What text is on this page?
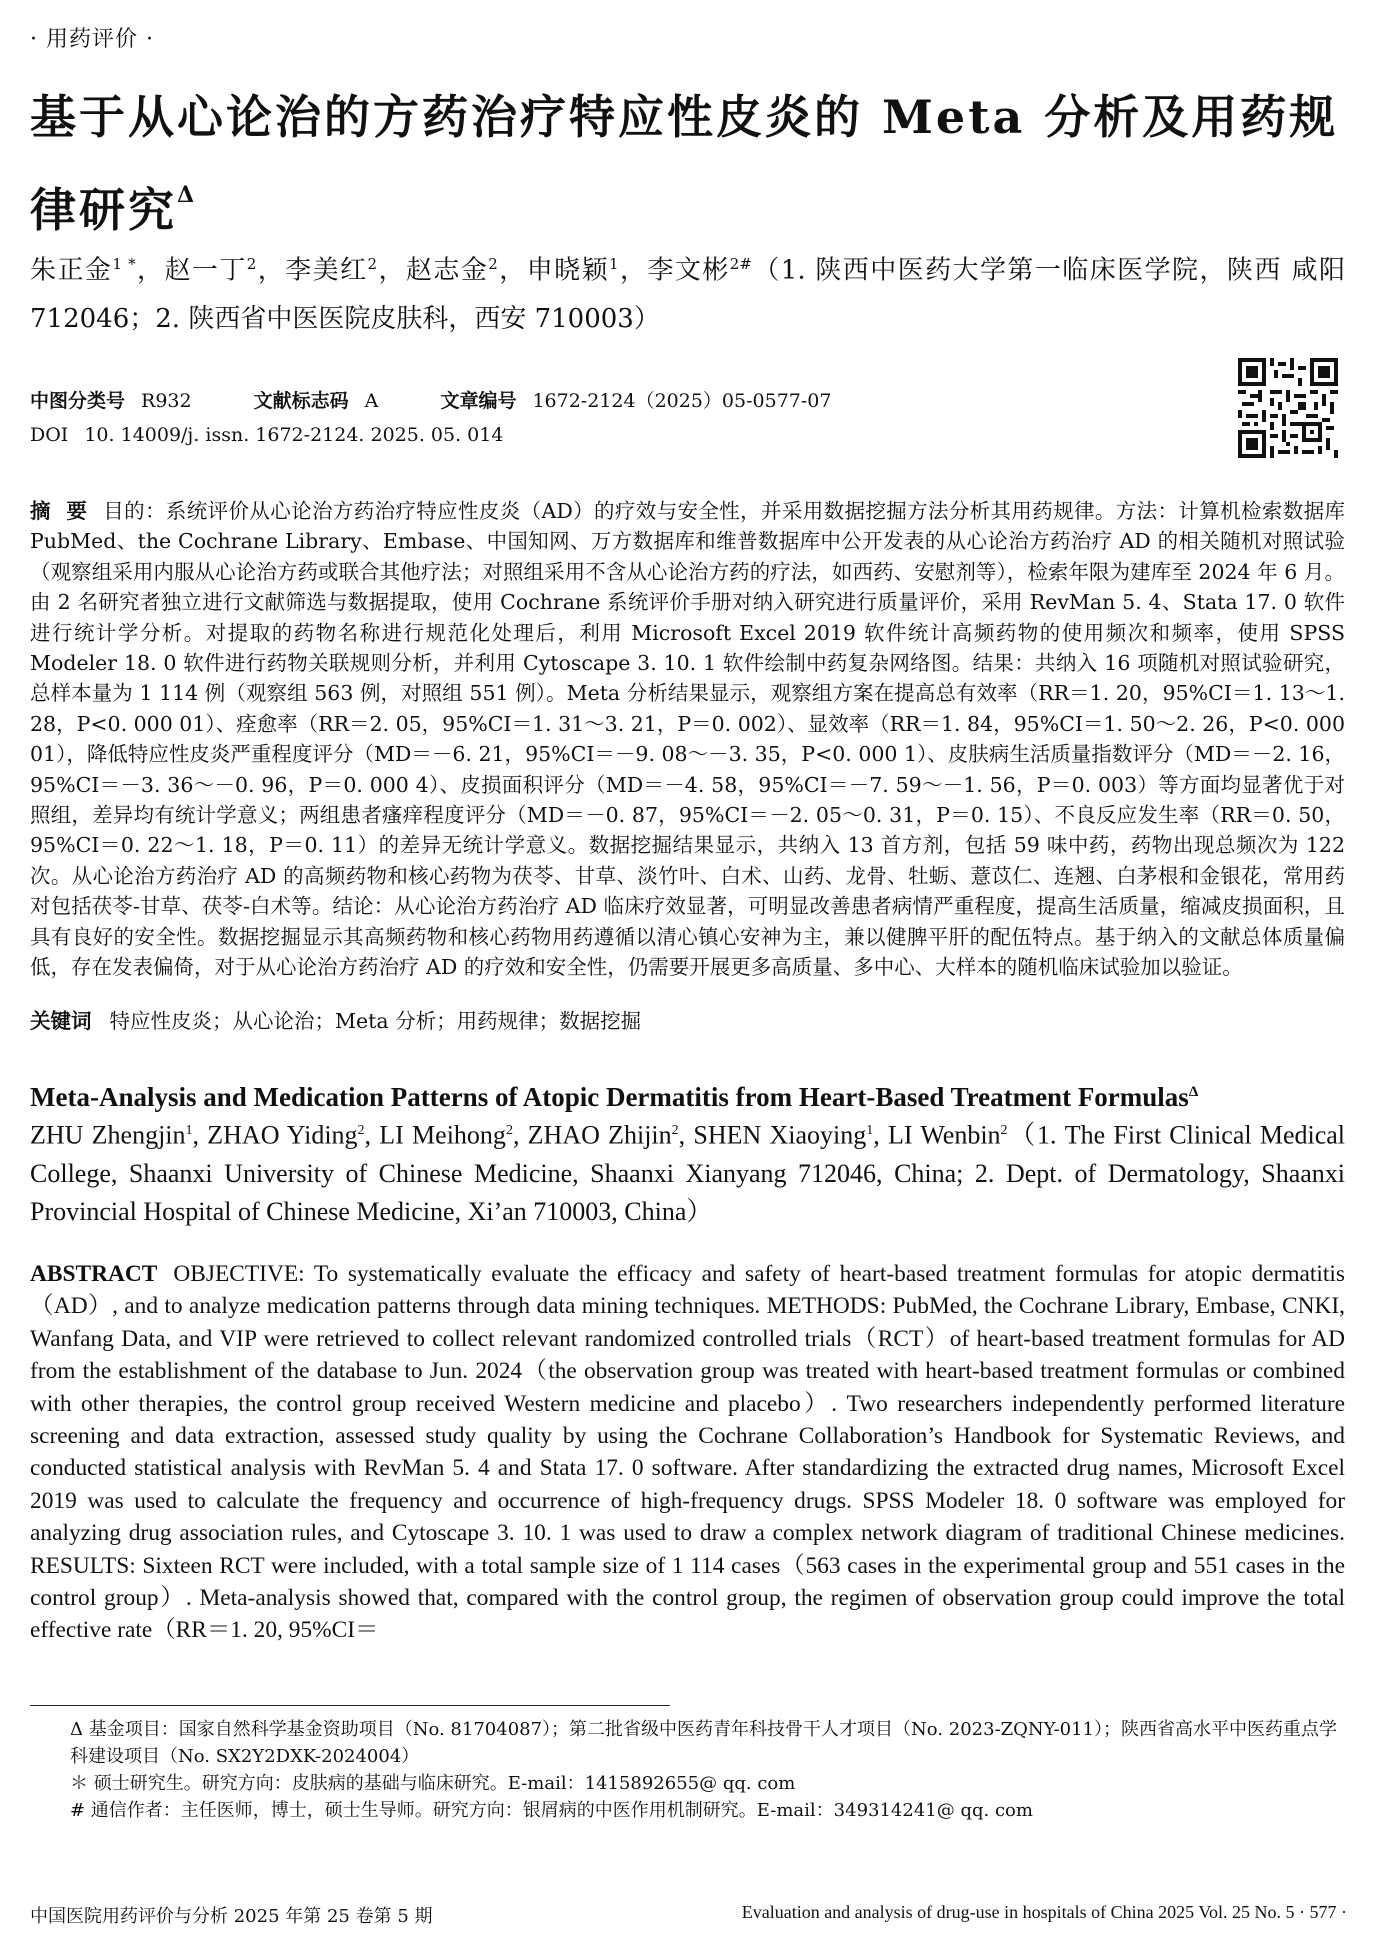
· 用药评价 ·
基于从心论治的方药治疗特应性皮炎的 Meta 分析及用药规律研究$^\Delta$

朱正金$^{1 *}$，赵一丁$^2$，李美红$^2$，赵志金$^2$，申晓颖$^1$，李文彬$^{2\#}$（1. 陕西中医药大学第一临床医学院，陕西 咸阳 712046；2. 陕西省中医医院皮肤科，西安 710003）

中图分类号 R932	文献标志码 A	文章编号 1672-2124（2025）05-0577-07
DOI 10. 14009/j. issn. 1672-2124. 2025. 05. 014

摘 要 目的：系统评价从心论治方药治疗特应性皮炎（AD）的疗效与安全性，并采用数据挖掘方法分析其用药规律。方法：计算机检索数据库 PubMed、the Cochrane Library、Embase、中国知网、万方数据库和维普数据库中公开发表的从心论治方药治疗 AD 的相关随机对照试验（观察组采用内服从心论治方药或联合其他疗法；对照组采用不含从心论治方药的疗法，如西药、安慰剂等），检索年限为建库至 2024 年 6 月。由 2 名研究者独立进行文献筛选与数据提取，使用 Cochrane 系统评价手册对纳入研究进行质量评价，采用 RevMan 5. 4、Stata 17. 0 软件进行统计学分析。对提取的药物名称进行规范化处理后，利用 Microsoft Excel 2019 软件统计高频药物的使用频次和频率，使用 SPSS Modeler 18. 0 软件进行药物关联规则分析，并利用 Cytoscape 3. 10. 1 软件绘制中药复杂网络图。结果：共纳入 16 项随机对照试验研究，总样本量为 1 114 例（观察组 563 例，对照组 551 例）。Meta 分析结果显示，观察组方案在提高总有效率（RR＝1. 20，95%CI＝1. 13～1. 28，P<0. 000 01）、痊愈率（RR＝2. 05，95%CI＝1. 31～3. 21，P＝0. 002）、显效率（RR＝1. 84，95%CI＝1. 50～2. 26，P<0. 000 01），降低特应性皮炎严重程度评分（MD＝－6. 21，95%CI＝－9. 08～－3. 35，P<0. 000 1）、皮肤病生活质量指数评分（MD＝－2. 16，95%CI＝－3. 36～－0. 96，P＝0. 000 4）、皮损面积评分（MD＝－4. 58，95%CI＝－7. 59～－1. 56，P＝0. 003）等方面均显著优于对照组，差异均有统计学意义；两组患者瘙痒程度评分（MD＝－0. 87，95%CI＝－2. 05～0. 31，P＝0. 15）、不良反应发生率（RR＝0. 50，95%CI＝0. 22～1. 18，P＝0. 11）的差异无统计学意义。数据挖掘结果显示，共纳入 13 首方剂，包括 59 味中药，药物出现总频次为 122 次。从心论治方药治疗 AD 的高频药物和核心药物为茯苓、甘草、淡竹叶、白术、山药、龙骨、牡蛎、薏苡仁、连翘、白茅根和金银花，常用药对包括茯苓-甘草、茯苓-白术等。结论：从心论治方药治疗 AD 临床疗效显著，可明显改善患者病情严重程度，提高生活质量，缩减皮损面积，且具有良好的安全性。数据挖掘显示其高频药物和核心药物用药遵循以清心镇心安神为主，兼以健脾平肝的配伍特点。基于纳入的文献总体质量偏低，存在发表偏倚，对于从心论治方药治疗 AD 的疗效和安全性，仍需要开展更多高质量、多中心、大样本的随机临床试验加以验证。

关键词 特应性皮炎；从心论治；Meta 分析；用药规律；数据挖掘

Meta-Analysis and Medication Patterns of Atopic Dermatitis from Heart-Based Treatment Formulas$^\Delta$

ZHU Zhengjin$^1$, ZHAO Yiding$^2$, LI Meihong$^2$, ZHAO Zhijin$^2$, SHEN Xiaoying$^1$, LI Wenbin$^2$（1. The First Clinical Medical College, Shaanxi University of Chinese Medicine, Shaanxi Xianyang 712046, China; 2. Dept. of Dermatology, Shaanxi Provincial Hospital of Chinese Medicine, Xi’an 710003, China）

ABSTRACT OBJECTIVE: To systematically evaluate the efficacy and safety of heart-based treatment formulas for atopic dermatitis（AD）, and to analyze medication patterns through data mining techniques. METHODS: PubMed, the Cochrane Library, Embase, CNKI, Wanfang Data, and VIP were retrieved to collect relevant randomized controlled trials（RCT）of heart-based treatment formulas for AD from the establishment of the database to Jun. 2024（the observation group was treated with heart-based treatment formulas or combined with other therapies, the control group received Western medicine and placebo）. Two researchers independently performed literature screening and data extraction, assessed study quality by using the Cochrane Collaboration’s Handbook for Systematic Reviews, and conducted statistical analysis with RevMan 5. 4 and Stata 17. 0 software. After standardizing the extracted drug names, Microsoft Excel 2019 was used to calculate the frequency and occurrence of high-frequency drugs. SPSS Modeler 18. 0 software was employed for analyzing drug association rules, and Cytoscape 3. 10. 1 was used to draw a complex network diagram of traditional Chinese medicines. RESULTS: Sixteen RCT were included, with a total sample size of 1 114 cases（563 cases in the experimental group and 551 cases in the control group）. Meta-analysis showed that, compared with the control group, the regimen of observation group could improve the total effective rate（RR＝1. 20, 95%CI＝

Δ 基金项目：国家自然科学基金资助项目（No. 81704087）；第二批省级中医药青年科技骨干人才项目（No. 2023-ZQNY-011）；陕西省高水平中医药重点学科建设项目（No. SX2Y2DXK-2024004）

＊ 硕士研究生。研究方向：皮肤病的基础与临床研究。E-mail：1415892655@ qq. com

# 通信作者：主任医师，博士，硕士生导师。研究方向：银屑病的中医作用机制研究。E-mail：349314241@ qq. com

中国医院用药评价与分析 2025 年第 25 卷第 5 期	Evaluation and analysis of drug-use in hospitals of China 2025 Vol. 25 No. 5 · 577 ·
